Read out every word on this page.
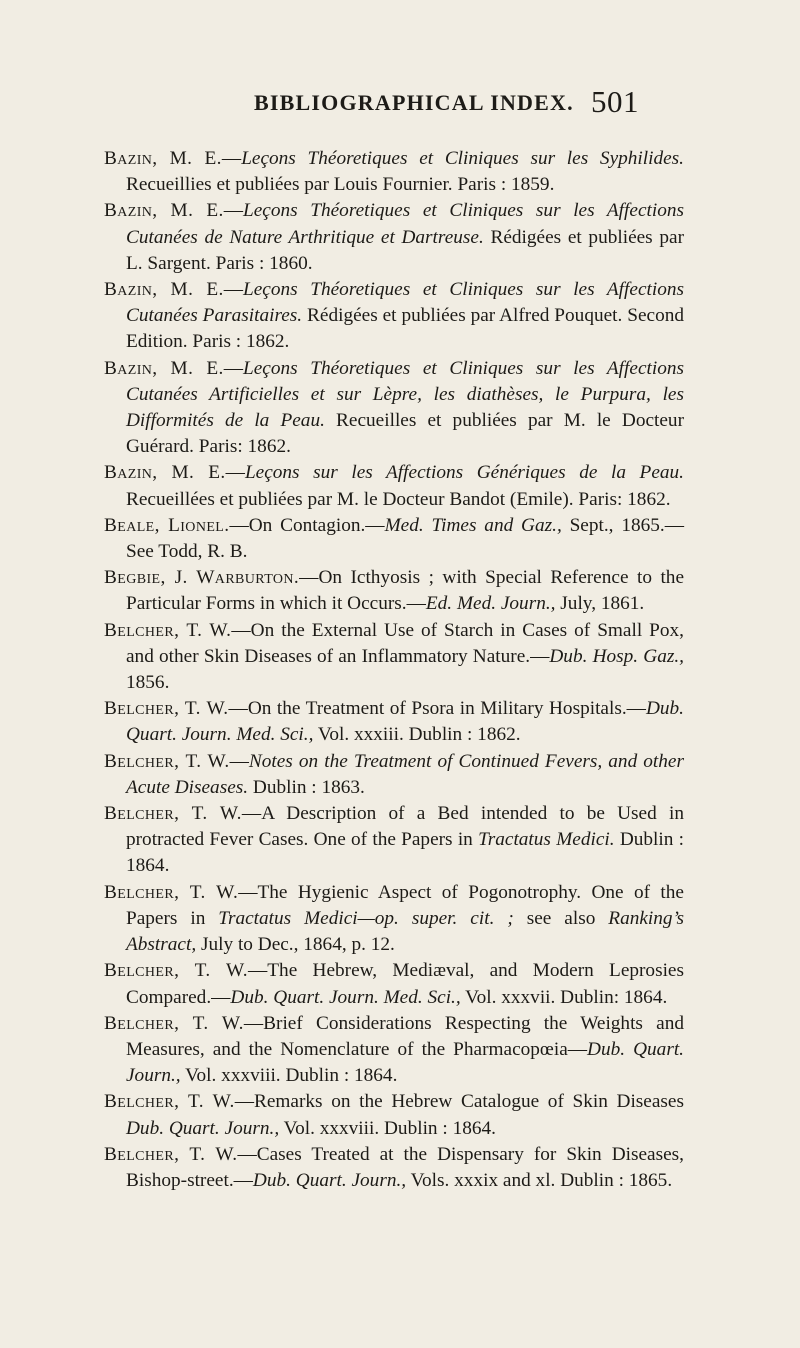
BIBLIOGRAPHICAL INDEX. 501

Bazin, M. E.—Leçons Théoretiques et Cliniques sur les Syphilides. Recueillies et publiées par Louis Fournier. Paris : 1859.

Bazin, M. E.—Leçons Théoretiques et Cliniques sur les Affections Cutanées de Nature Arthritique et Dartreuse. Rédigées et publiées par L. Sargent. Paris : 1860.

Bazin, M. E.—Leçons Théoretiques et Cliniques sur les Affections Cutanées Parasitaires. Rédigées et publiées par Alfred Pouquet. Second Edition. Paris : 1862.

Bazin, M. E.—Leçons Théoretiques et Cliniques sur les Affections Cutanées Artificielles et sur Lèpre, les diathèses, le Purpura, les Difformités de la Peau. Recueilles et publiées par M. le Docteur Guérard. Paris: 1862.

Bazin, M. E.—Leçons sur les Affections Génériques de la Peau. Recueillées et publiées par M. le Docteur Bandot (Emile). Paris: 1862.

Beale, Lionel.—On Contagion.—Med. Times and Gaz., Sept., 1865.—See Todd, R. B.

Begbie, J. Warburton.—On Icthyosis ; with Special Reference to the Particular Forms in which it Occurs.—Ed. Med. Journ., July, 1861.

Belcher, T. W.—On the External Use of Starch in Cases of Small Pox, and other Skin Diseases of an Inflammatory Nature.—Dub. Hosp. Gaz., 1856.

Belcher, T. W.—On the Treatment of Psora in Military Hospitals.—Dub. Quart. Journ. Med. Sci., Vol. xxxiii. Dublin : 1862.

Belcher, T. W.—Notes on the Treatment of Continued Fevers, and other Acute Diseases. Dublin : 1863.

Belcher, T. W.—A Description of a Bed intended to be Used in protracted Fever Cases. One of the Papers in Tractatus Medici. Dublin : 1864.

Belcher, T. W.—The Hygienic Aspect of Pogonotrophy. One of the Papers in Tractatus Medici—op. super. cit. ; see also Ranking’s Abstract, July to Dec., 1864, p. 12.

Belcher, T. W.—The Hebrew, Mediæval, and Modern Leprosies Compared.—Dub. Quart. Journ. Med. Sci., Vol. xxxvii. Dublin: 1864.

Belcher, T. W.—Brief Considerations Respecting the Weights and Measures, and the Nomenclature of the Pharmacopœia—Dub. Quart. Journ., Vol. xxxviii. Dublin : 1864.

Belcher, T. W.—Remarks on the Hebrew Catalogue of Skin Diseases Dub. Quart. Journ., Vol. xxxviii. Dublin : 1864.

Belcher, T. W.—Cases Treated at the Dispensary for Skin Diseases, Bishop-street.—Dub. Quart. Journ., Vols. xxxix and xl. Dublin : 1865.
